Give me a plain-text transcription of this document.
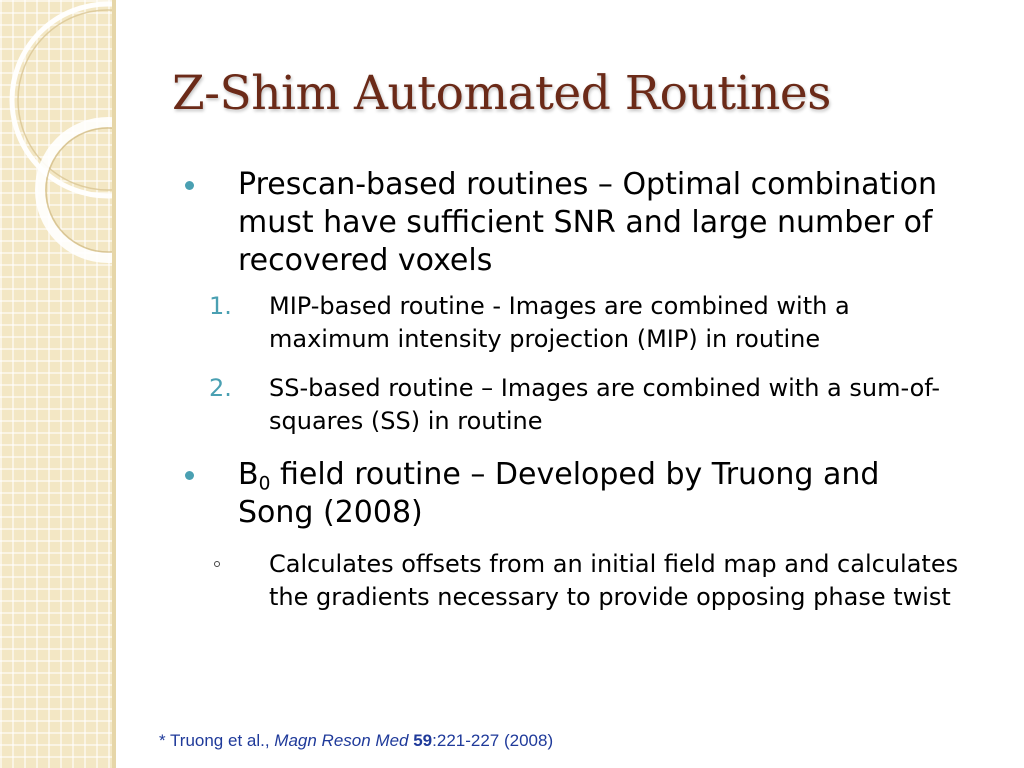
Z-Shim Automated Routines
Prescan-based routines – Optimal combination must have sufficient SNR and large number of recovered voxels
1. MIP-based routine - Images are combined with a maximum intensity projection (MIP) in routine
2. SS-based routine – Images are combined with a sum-of-squares (SS) in routine
$B_0$ field routine – Developed by Truong and Song (2008)
Calculates offsets from an initial field map and calculates the gradients necessary to provide opposing phase twist
* Truong et al., Magn Reson Med 59:221-227 (2008)
